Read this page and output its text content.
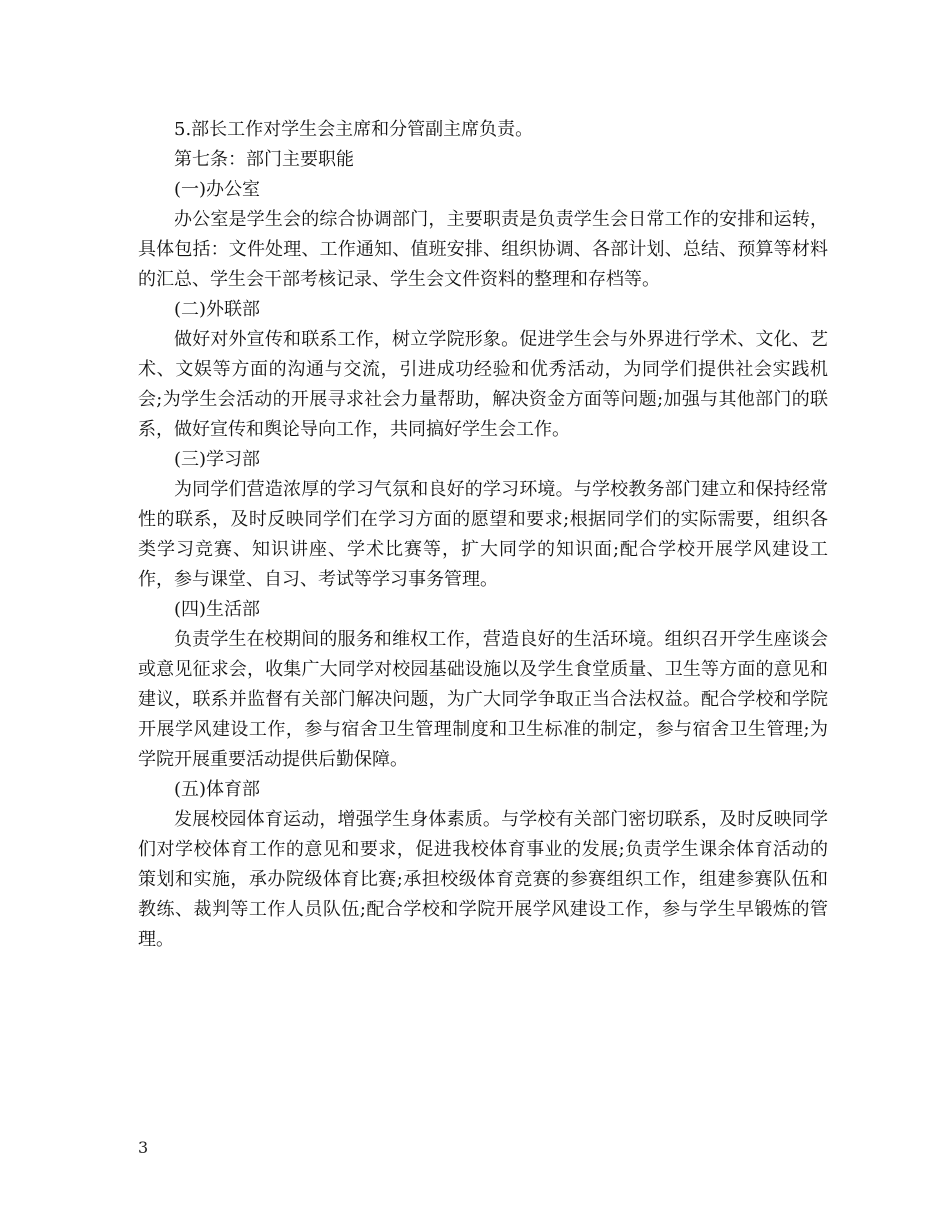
5.部长工作对学生会主席和分管副主席负责。

第七条：部门主要职能

(一)办公室

办公室是学生会的综合协调部门，主要职责是负责学生会日常工作的安排和运转，具体包括：文件处理、工作通知、值班安排、组织协调、各部计划、总结、预算等材料的汇总、学生会干部考核记录、学生会文件资料的整理和存档等。

(二)外联部

做好对外宣传和联系工作，树立学院形象。促进学生会与外界进行学术、文化、艺术、文娱等方面的沟通与交流，引进成功经验和优秀活动，为同学们提供社会实践机会;为学生会活动的开展寻求社会力量帮助，解决资金方面等问题;加强与其他部门的联系，做好宣传和舆论导向工作，共同搞好学生会工作。

(三)学习部

为同学们营造浓厚的学习气氛和良好的学习环境。与学校教务部门建立和保持经常性的联系，及时反映同学们在学习方面的愿望和要求;根据同学们的实际需要，组织各类学习竞赛、知识讲座、学术比赛等，扩大同学的知识面;配合学校开展学风建设工作，参与课堂、自习、考试等学习事务管理。

(四)生活部

负责学生在校期间的服务和维权工作，营造良好的生活环境。组织召开学生座谈会或意见征求会，收集广大同学对校园基础设施以及学生食堂质量、卫生等方面的意见和建议，联系并监督有关部门解决问题，为广大同学争取正当合法权益。配合学校和学院开展学风建设工作，参与宿舍卫生管理制度和卫生标准的制定，参与宿舍卫生管理;为学院开展重要活动提供后勤保障。

(五)体育部

发展校园体育运动，增强学生身体素质。与学校有关部门密切联系，及时反映同学们对学校体育工作的意见和要求，促进我校体育事业的发展;负责学生课余体育活动的策划和实施，承办院级体育比赛;承担校级体育竞赛的参赛组织工作，组建参赛队伍和教练、裁判等工作人员队伍;配合学校和学院开展学风建设工作，参与学生早锻炼的管理。

3
